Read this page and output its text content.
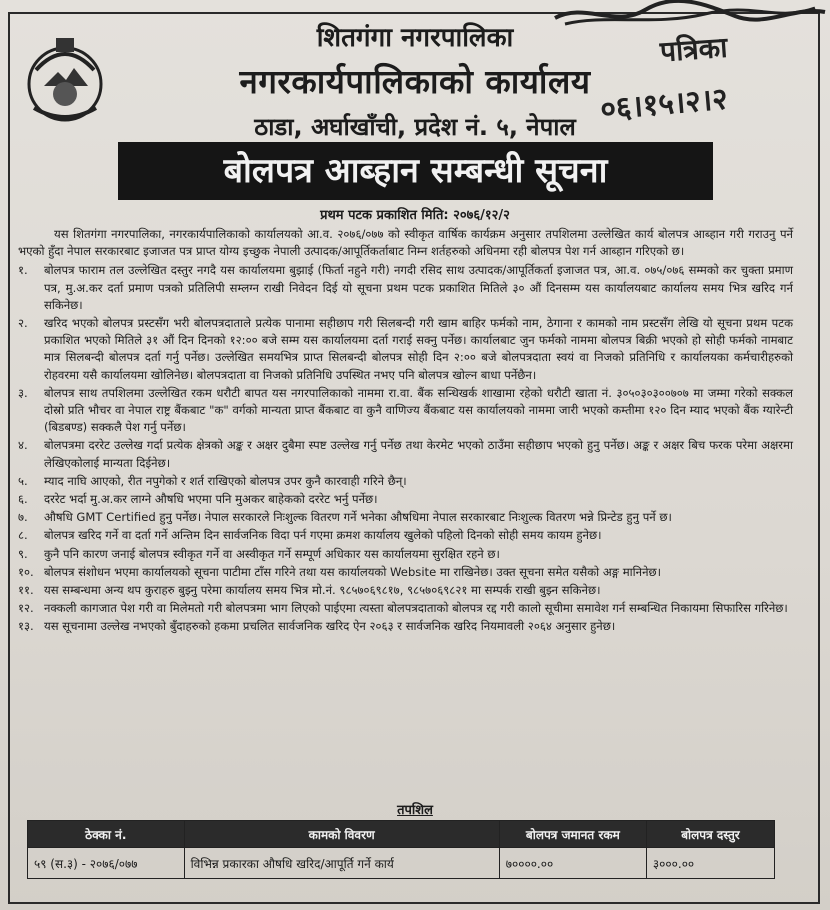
शितगंगा नगरपालिका
नगरकार्यपालिकाको कार्यालय
ठाडा, अर्घाखाँची, प्रदेश नं. ५, नेपाल
पत्रिका
०६।१५।२।२
बोलपत्र आब्हान सम्बन्धी सूचना
प्रथम पटक प्रकाशित मिति: २०७६/१२/२

यस शितगंगा नगरपालिका, नगरकार्यपालिकाको कार्यालयको आ.व. २०७६/०७७ को स्वीकृत वार्षिक कार्यक्रम अनुसार तपशिलमा उल्लेखित कार्य बोलपत्र आब्हान गरी गराउनु पर्ने भएको हुँदा नेपाल सरकारबाट इजाजत पत्र प्राप्त योग्य इच्छुक नेपाली उत्पादक/आपूर्तिकर्ताबाट निम्न शर्तहरुको अधिनमा रही बोलपत्र पेश गर्न आब्हान गरिएको छ।

१.	बोलपत्र फाराम तल उल्लेखित दस्तुर नगदै यस कार्यालयमा बुझाई (फिर्ता नहुने गरी) नगदी रसिद साथ उत्पादक/आपूर्तिकर्ता इजाजत पत्र, आ.व. ०७५/०७६ सम्मको कर चुक्ता प्रमाण पत्र, मु.अ.कर दर्ता प्रमाण पत्रको प्रतिलिपी सम्लग्न राखी निवेदन दिई यो सूचना प्रथम पटक प्रकाशित मितिले ३० औं दिनसम्म यस कार्यालयबाट कार्यालय समय भित्र खरिद गर्न सकिनेछ।
२.	खरिद भएको बोलपत्र प्रस्टसँग भरी बोलपत्रदाताले प्रत्येक पानामा सहीछाप गरी सिलबन्दी गरी खाम बाहिर फर्मको नाम, ठेगाना र कामको नाम प्रस्टसँग लेखि यो सूचना प्रथम पटक प्रकाशित भएको मितिले ३१ औं दिन दिनको १२:०० बजे सम्म यस कार्यालयमा दर्ता गराई सक्नु पर्नेछ। कार्यालबाट जुन फर्मको नाममा बोलपत्र बिक्री भएको हो सोही फर्मको नामबाट मात्र सिलबन्दी बोलपत्र दर्ता गर्नु पर्नेछ। उल्लेखित समयभित्र प्राप्त सिलबन्दी बोलपत्र सोही दिन २:०० बजे बोलपत्रदाता स्वयं वा निजको प्रतिनिधि र कार्यालयका कर्मचारीहरुको रोहवरमा यसै कार्यालयमा खोलिनेछ। बोलपत्रदाता वा निजको प्रतिनिधि उपस्थित नभए पनि बोलपत्र खोल्न बाधा पर्नेछैन।
३.	बोलपत्र साथ तपशिलमा उल्लेखित रकम धरौटी बापत यस नगरपालिकाको नाममा रा.वा. बैंक सन्धिखर्क शाखामा रहेको धरौटी खाता नं. ३०५०३०३००७०७ मा जम्मा गरेको सक्कल दोस्रो प्रति भौचर वा नेपाल राष्ट्र बैंकबाट "क" वर्गको मान्यता प्राप्त बैंकबाट वा कुनै वाणिज्य बैंकबाट यस कार्यालयको नाममा जारी भएको कम्तीमा १२० दिन म्याद भएको बैंक ग्यारेन्टी (बिडबण्ड) सक्कलै पेश गर्नु पर्नेछ।
४.	बोलपत्रमा दररेट उल्लेख गर्दा प्रत्येक क्षेत्रको अङ्क र अक्षर दुबैमा स्पष्ट उल्लेख गर्नु पर्नेछ तथा केरमेट भएको ठाउँमा सहीछाप भएको हुनु पर्नेछ। अङ्क र अक्षर बिच फरक परेमा अक्षरमा लेखिएकोलाई मान्यता दिईनेछ।
५.	म्याद नाघि आएको, रीत नपुगेको र शर्त राखिएको बोलपत्र उपर कुनै कारवाही गरिने छैन्।
६.	दररेट भर्दा मु.अ.कर लाग्ने औषधि भएमा पनि मुअकर बाहेकको दररेट भर्नु पर्नेछ।
७.	औषधि GMT Certified हुनु पर्नेछ। नेपाल सरकारले निःशुल्क वितरण गर्ने भनेका औषधिमा नेपाल सरकारबाट निःशुल्क वितरण भन्ने प्रिन्टेड हुनु पर्ने छ।
८.	बोलपत्र खरिद गर्ने वा दर्ता गर्ने अन्तिम दिन सार्वजनिक विदा पर्न गएमा क्रमश कार्यालय खुलेको पहिलो दिनको सोही समय कायम हुनेछ।
९.	कुनै पनि कारण जनाई बोलपत्र स्वीकृत गर्ने वा अस्वीकृत गर्ने सम्पूर्ण अधिकार यस कार्यालयमा सुरक्षित रहने छ।
१०. बोलपत्र संशोधन भएमा कार्यालयको सूचना पाटीमा टाँस गरिने तथा यस कार्यालयको Website मा राखिनेछ। उक्त सूचना समेत यसैको अङ्ग मानिनेछ।
११. यस सम्बन्धमा अन्य थप कुराहरु बुझ्नु परेमा कार्यालय समय भित्र मो.नं. ९८५७०६९८१७, ९८५७०६९८२१ मा सम्पर्क राखी बुझ्न सकिनेछ।
१२. नक्कली कागजात पेश गरी वा मिलेमतो गरी बोलपत्रमा भाग लिएको पाईएमा त्यस्ता बोलपत्रदाताको बोलपत्र रद्द गरी कालो सूचीमा समावेश गर्न सम्बन्धित निकायमा सिफारिस गरिनेछ।
१३. यस सूचनामा उल्लेख नभएको बुँदाहरुको हकमा प्रचलित सार्वजनिक खरिद ऐन २०६३ र सार्वजनिक खरिद नियमावली २०६४ अनुसार हुनेछ।
तपशिल
ठेक्का नं.	कामको विवरण	बोलपत्र जमानत रकम	बोलपत्र दस्तुर
५९ (स.३) - २०७६/०७७	विभिन्न प्रकारका औषधि खरिद/आपूर्ति गर्ने कार्य	७००००.००	३०००.००
